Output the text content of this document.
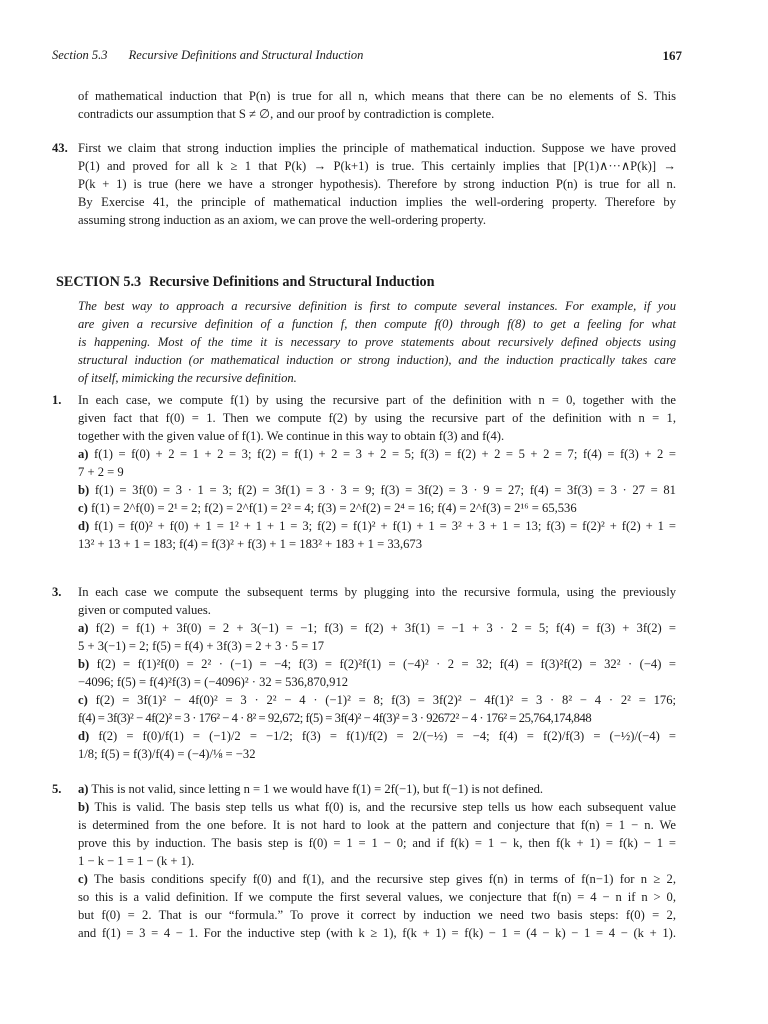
Section 5.3 Recursive Definitions and Structural Induction	167
of mathematical induction that P(n) is true for all n, which means that there can be no elements of S. This
contradicts our assumption that S ≠ ∅, and our proof by contradiction is complete.
43. First we claim that strong induction implies the principle of mathematical induction. Suppose we have proved
P(1) and proved for all k ≥ 1 that P(k) → P(k+1) is true. This certainly implies that [P(1)∧···∧P(k)] →
P(k + 1) is true (here we have a stronger hypothesis). Therefore by strong induction P(n) is true for all n.
By Exercise 41, the principle of mathematical induction implies the well-ordering property. Therefore by
assuming strong induction as an axiom, we can prove the well-ordering property.
SECTION 5.3 Recursive Definitions and Structural Induction
The best way to approach a recursive definition is first to compute several instances. For example, if you
are given a recursive definition of a function f, then compute f(0) through f(8) to get a feeling for what
is happening. Most of the time it is necessary to prove statements about recursively defined objects using
structural induction (or mathematical induction or strong induction), and the induction practically takes care
of itself, mimicking the recursive definition.
1. In each case, we compute f(1) by using the recursive part of the definition with n = 0, together with the
given fact that f(0) = 1. Then we compute f(2) by using the recursive part of the definition with n = 1,
together with the given value of f(1). We continue in this way to obtain f(3) and f(4).
a) f(1) = f(0) + 2 = 1 + 2 = 3; f(2) = f(1) + 2 = 3 + 2 = 5; f(3) = f(2) + 2 = 5 + 2 = 7; f(4) = f(3) + 2 =
7 + 2 = 9
b) f(1) = 3f(0) = 3 · 1 = 3; f(2) = 3f(1) = 3 · 3 = 9; f(3) = 3f(2) = 3 · 9 = 27; f(4) = 3f(3) = 3 · 27 = 81
c) f(1) = 2^f(0) = 2¹ = 2; f(2) = 2^f(1) = 2² = 4; f(3) = 2^f(2) = 2⁴ = 16; f(4) = 2^f(3) = 2¹⁶ = 65,536
d) f(1) = f(0)² + f(0) + 1 = 1² + 1 + 1 = 3; f(2) = f(1)² + f(1) + 1 = 3² + 3 + 1 = 13; f(3) = f(2)² + f(2) + 1 =
13² + 13 + 1 = 183; f(4) = f(3)² + f(3) + 1 = 183² + 183 + 1 = 33,673
3. In each case we compute the subsequent terms by plugging into the recursive formula, using the previously
given or computed values.
a) f(2) = f(1) + 3f(0) = 2 + 3(−1) = −1; f(3) = f(2) + 3f(1) = −1 + 3 · 2 = 5; f(4) = f(3) + 3f(2) =
5 + 3(−1) = 2; f(5) = f(4) + 3f(3) = 2 + 3 · 5 = 17
b) f(2) = f(1)²f(0) = 2² · (−1) = −4; f(3) = f(2)²f(1) = (−4)² · 2 = 32; f(4) = f(3)²f(2) = 32² · (−4) =
−4096; f(5) = f(4)²f(3) = (−4096)² · 32 = 536,870,912
c) f(2) = 3f(1)² − 4f(0)² = 3 · 2² − 4 · (−1)² = 8; f(3) = 3f(2)² − 4f(1)² = 3 · 8² − 4 · 2² = 176;
f(4) = 3f(3)² − 4f(2)² = 3 · 176² − 4 · 8² = 92,672; f(5) = 3f(4)² − 4f(3)² = 3 · 92672² − 4 · 176² = 25,764,174,848
d) f(2) = f(0)/f(1) = (−1)/2 = −1/2; f(3) = f(1)/f(2) = 2/(−½) = −4; f(4) = f(2)/f(3) = (−½)/(−4) =
1/8; f(5) = f(3)/f(4) = (−4)/⅛ = −32
5. a) This is not valid, since letting n = 1 we would have f(1) = 2f(−1), but f(−1) is not defined.
b) This is valid. The basis step tells us what f(0) is, and the recursive step tells us how each subsequent value
is determined from the one before. It is not hard to look at the pattern and conjecture that f(n) = 1 − n. We
prove this by induction. The basis step is f(0) = 1 = 1 − 0; and if f(k) = 1 − k, then f(k + 1) = f(k) − 1 =
1 − k − 1 = 1 − (k + 1).
c) The basis conditions specify f(0) and f(1), and the recursive step gives f(n) in terms of f(n−1) for n ≥ 2,
so this is a valid definition. If we compute the first several values, we conjecture that f(n) = 4 − n if n > 0,
but f(0) = 2. That is our “formula.” To prove it correct by induction we need two basis steps: f(0) = 2,
and f(1) = 3 = 4 − 1. For the inductive step (with k ≥ 1), f(k + 1) = f(k) − 1 = (4 − k) − 1 = 4 − (k + 1).
